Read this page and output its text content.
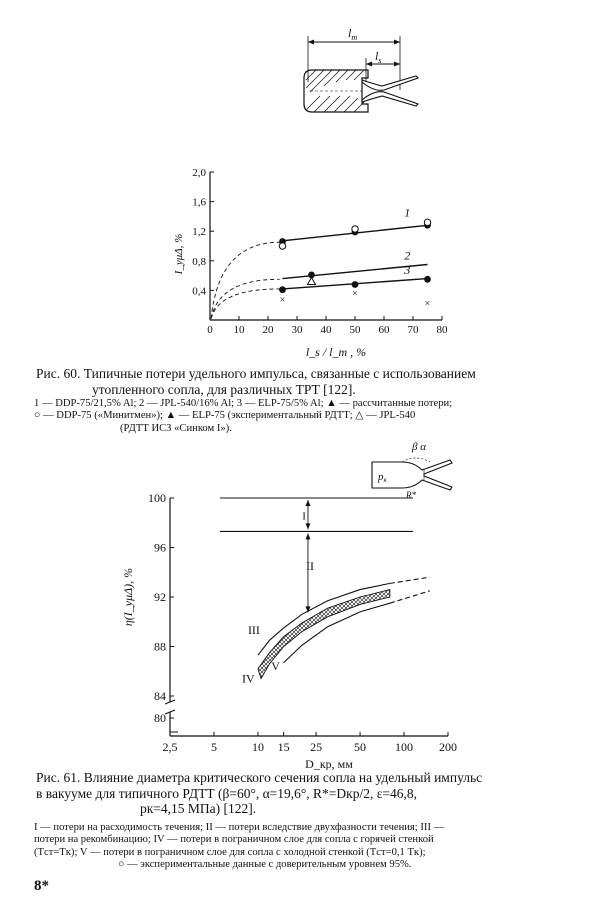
$l_m$
$l_s$
0 10 20 30 40 50 60 70 80
0,4
0,8
1,2
1,6
2,0
I_yμΔ, %
l_s / l_m , %
×
×
×
1
2
3
Рис. 60. Типичные потери удельного импульса, связанные с использованием
утопленного сопла, для различных ТРТ [122].
1 — DDP-75/21,5% Al; 2 — JPL-540/16% Al; 3 — ELP-75/5% Al; ▲ — рассчитанные потери;
○ — DDP-75 («Минитмен»); ▲ — ELP-75 (экспериментальный РДТТ; △ — JPL-540
(РДТТ ИСЗ «Синком I»).
β α
pк
R*
80
84
88
92
96
100
2,5	5	10 15 25	50 100 200
η(I_yμΔ), %
D_кр, мм
I
II
III
IV
V
Рис. 61. Влияние диаметра критического сечения сопла на удельный импульс
в вакууме для типичного РДТТ (β=60°, α=19,6°, R*=Dкр/2, ε=46,8,
pк=4,15 МПа) [122].
I — потери на расходимость течения; II — потери вследствие двухфазности течения; III —
потери на рекомбинацию; IV — потери в пограничном слое для сопла с горячей стенкой
(Tст=Tк); V — потери в пограничном слое для сопла с холодной стенкой (Tст=0,1 Tк);
○ — экспериментальные данные с доверительным уровнем 95%.
8*
